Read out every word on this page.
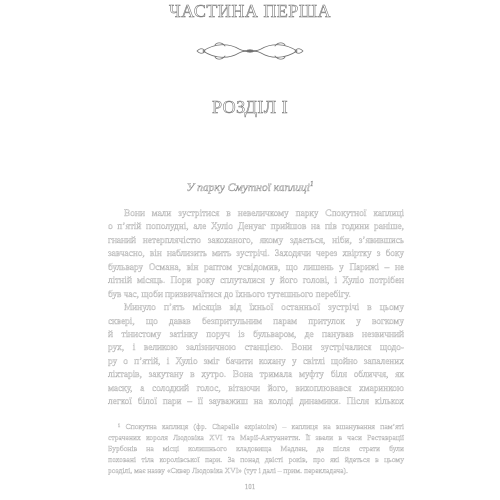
ЧАСТИНА ПЕРША
РОЗДІЛ І
У парку Смутної каплиці$^1$
Вони мали зустрітися в невеличкому парку Спокутної каплиці
о п’ятій пополудні, але Хуліо Денуаг прийшов на пів години раніше,
гнаний нетерплячістю закоханого, якому здається, ніби, з’явившись
завчасно, він наблизить мить зустрічі. Заходячи через хвіртку з боку
бульвару Османа, він раптом усвідомив, що лишень у Парижі – не
літній місяць. Пори року сплуталися у його голові, і Хуліо потрібен
був час, щоби призвичаїтися до їхнього тутешнього перебігу.
Минуло п’ять місяців від їхньої останньої зустрічі в цьому
сквері, що давав безпритульним парам притулок у вогкому
й тінистому затінку поруч із бульваром, де панував незвичний
рух, і великою залізничною станцією. Вони зустрічалися щодо-
ру о п’ятій, і Хуліо зміг бачити кохану у світлі щойно запалених
ліхтарів, закутану в хутро. Вона тримала муфту біля обличчя, як
маску, а солодкий голос, вітаючи його, вихоплювався хмаринкою
легкої білої пари – її зауважиш на колоді динамики. Після кількох
¹ Спокутна каплиця (фр. Chapelle expiatoire) – каплиця на вшанування пам’яті
страчених короля Людовіка XVI та Марії-Антуанетти. Її звели в часи Реставрації
Бурбонів на місці колишнього кладовища Мадлен, де після страти були
поховані тіла королівської пари. За понад двісті років, про які йдеться в цьому
розділі, має назву «Сквер Людовіка XVI» (тут і далі – прим. перекладача).
101
